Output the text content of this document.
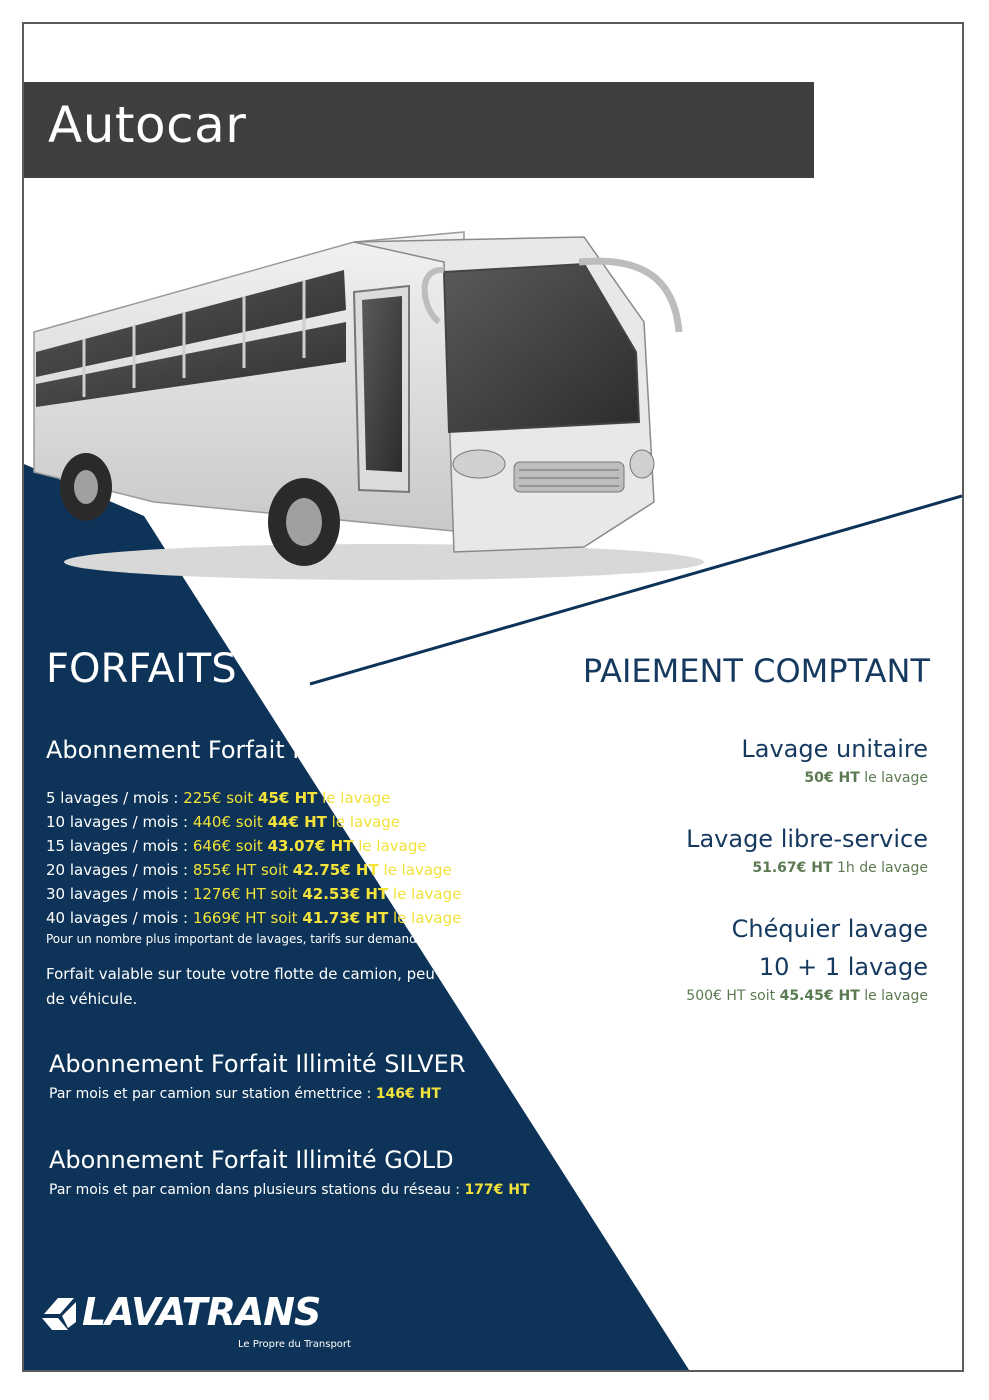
Autocar
FORFAITS
Abonnement Forfait Pack
5 lavages / mois : 225€ soit 45€ HT le lavage
10 lavages / mois : 440€ soit 44€ HT le lavage
15 lavages / mois : 646€ soit 43.07€ HT le lavage
20 lavages / mois : 855€ HT soit 42.75€ HT le lavage
30 lavages / mois : 1276€ HT soit 42.53€ HT le lavage
40 lavages / mois : 1669€ HT soit 41.73€ HT le lavage
Pour un nombre plus important de lavages, tarifs sur demande.
Forfait valable sur toute votre flotte de camion, peu importe le type de véhicule.
Abonnement Forfait Illimité SILVER
Par mois et par camion sur station émettrice : 146€ HT
Abonnement Forfait Illimité GOLD
Par mois et par camion dans plusieurs stations du réseau : 177€ HT
PAIEMENT COMPTANT
Lavage unitaire
50€ HT le lavage
Lavage libre-service
51.67€ HT 1h de lavage
Chéquier lavage
10 + 1 lavage
500€ HT soit 45.45€ HT le lavage
LAVATRANS
Le Propre du Transport
